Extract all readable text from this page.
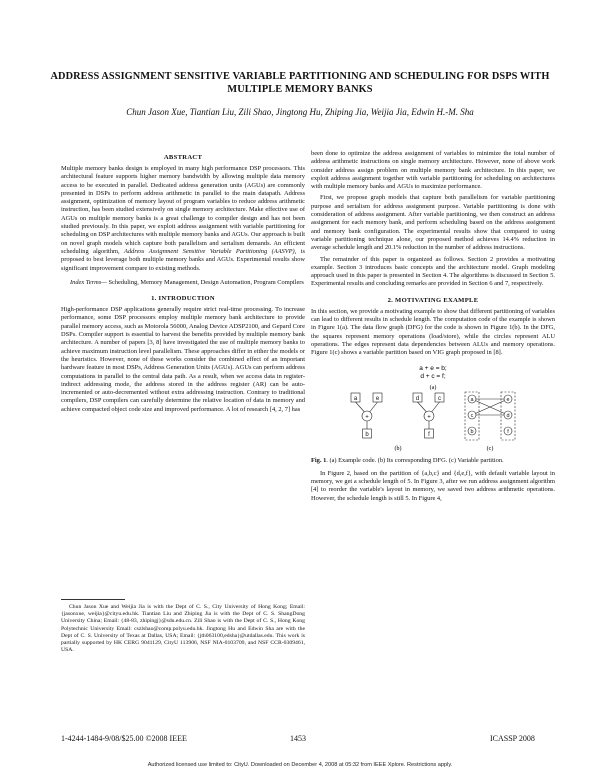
ADDRESS ASSIGNMENT SENSITIVE VARIABLE PARTITIONING AND SCHEDULING FOR DSPS WITH MULTIPLE MEMORY BANKS
Chun Jason Xue, Tiantian Liu, Zili Shao, Jingtong Hu, Zhiping Jia, Weijia Jia, Edwin H.-M. Sha
ABSTRACT

Multiple memory banks design is employed in many high performance DSP processors. This architectural feature supports higher memory bandwidth by allowing multiple data memory access to be executed in parallel. Dedicated address generation units (AGUs) are commonly presented in DSPs to perform address arithmetic in parallel to the main datapath. Address assignment, optimization of memory layout of program variables to reduce address arithmetic instruction, has been studied extensively on single memory architecture. Make effective use of AGUs on multiple memory banks is a great challenge to compiler design and has not been studied previously. In this paper, we exploit address assignment with variable partitioning for scheduling on DSP architectures with multiple memory banks and AGUs. Our approach is built on novel graph models which capture both parallelism and serialism demands. An efficient scheduling algorithm, Address Assignment Sensitive Variable Partitioning (AASVP), is proposed to best leverage both multiple memory banks and AGUs. Experimental results show significant improvement compare to existing methods.

Index Terms— Scheduling, Memory Management, Design Automation, Program Compilers

1. INTRODUCTION

High-performance DSP applications generally require strict real-time processing. To increase performance, some DSP processors employ multiple memory bank architecture to provide parallel memory access, such as Motorola 56000, Analog Device ADSP2100, and Gepard Core DSPs. Compiler support is essential to harvest the benefits provided by multiple memory bank architecture. A number of papers [3, 8] have investigated the use of multiple memory banks to achieve maximum instruction level parallelism. These approaches differ in either the models or the heuristics. However, none of these works consider the combined effect of an important hardware feature in most DSPs, Address Generation Units (AGUs). AGUs can perform address computations in parallel to the central data path. As a result, when we access data in register-indirect addressing mode, the address stored in the address register (AR) can be auto-incremented or auto-decremented without extra addressing instruction. Contrary to traditional compilers, DSP compilers can carefully determine the relative location of data in memory and achieve compacted object code size and improved performance. A lot of research [4, 2, 7] has

Chun Jason Xue and Weijia Jia is with the Dept of C. S., City University of Hong Kong; Email: {jasonxue, weijia}@cityu.edu.hk. Tiantian Liu and Zhiping Jia is with the Dept of C. S. ShangDong University China; Email: {48-83, zhipingj}@sdu.edu.cn. Zili Shao is with the Dept of C. S., Hong Kong Polytechnic University Email: cszlshao@comp.polyu.edu.hk. Jingtong Hu and Edwin Sha are with the Dept of C. S. University of Texas at Dallas, USA; Email: {jth063100,edsha}@utdallas.edu. This work is partially supported by HK CERG 9041129, CityU 113906, NSF NIA-0103709, and NSF CCR-0309461, USA.

been done to optimize the address assignment of variables to minimize the total number of address arithmetic instructions on single memory architecture. However, none of above work consider address assign problem on multiple memory bank architecture. In this paper, we exploit address assignment together with variable partitioning for scheduling on architectures with multiple memory banks and AGUs to maximize performance.

First, we propose graph models that capture both parallelism for variable partitioning purpose and serialism for address assignment purpose. Variable partitioning is done with consideration of address assignment. After variable partitioning, we then construct an address assignment for each memory bank, and perform scheduling based on the address assignment and memory bank configuration. The experimental results show that compared to using variable partitioning technique alone, our proposed method achieves 14.4% reduction in average schedule length and 20.1% reduction in the number of address instructions.

The remainder of this paper is organized as follows. Section 2 provides a motivating example. Section 3 introduces basic concepts and the architecture model. Graph modeling approach used in this paper is presented in Section 4. The algorithms is discussed in Section 5. Experimental results and concluding remarks are provided in Section 6 and 7, respectively.

2. MOTIVATING EXAMPLE

In this section, we provide a motivating example to show that different partitioning of variables can lead to different results in schedule length. The computation code of the example is shown in Figure 1(a). The data flow graph (DFG) for the code is shown in Figure 1(b). In the DFG, the squares represent memory operations (load/store), while the circles represent ALU operations. The edges represent data dependencies between ALUs and memory operations. Figure 1(c) shows a variable partition based on VIG graph proposed in [8].

a + e = b;
d + c = f;
(a)
a	e	d	c
+	+
b	f
(b)
a	e
d
c
b	f
(c)

Fig. 1. (a) Example code. (b) Its corresponding DFG. (c) Variable partition.

In Figure 2, based on the partition of {a,b,c} and {d,e,f}, with default variable layout in memory, we get a schedule length of 5. In Figure 3, after we run address assignment algorithm [4] to reorder the variable's layout in memory, we saved two address arithmetic operations. However, the schedule length is still 5. In Figure 4,

1-4244-1484-9/08/$25.00 ©2008 IEEE	1453	ICASSP 2008
Authorized licensed use limited to: CityU. Downloaded on December 4, 2008 at 05:32 from IEEE Xplore. Restrictions apply.
